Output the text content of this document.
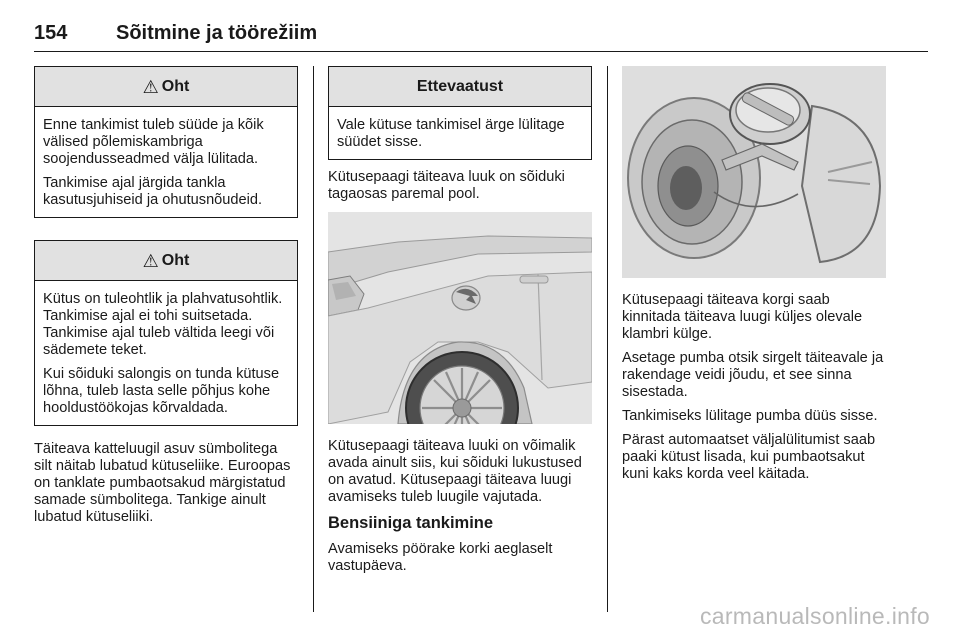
154 Sõitmine ja töörežiim
⚠ Oht

Enne tankimist tuleb süüde ja kõik välised põlemiskambriga soojendusseadmed välja lülitada.

Tankimise ajal järgida tankla kasutusjuhiseid ja ohutusnõudeid.

⚠ Oht

Kütus on tuleohtlik ja plahvatusohtlik. Tankimise ajal ei tohi suitsetada. Tankimise ajal tuleb vältida leegi või sädemete teket.

Kui sõiduki salongis on tunda kütuse lõhna, tuleb lasta selle põhjus kohe hooldustöökojas kõrvaldada.

Täiteava katteluugil asuv sümbolitega silt näitab lubatud kütuseliike. Euroopas on tanklate pumbaotsakud märgistatud samade sümbolitega. Tankige ainult lubatud kütuseliiki.

Ettevaatust

Vale kütuse tankimisel ärge lülitage süüdet sisse.

Kütusepaagi täiteava luuk on sõiduki tagaosas paremal pool.

Kütusepaagi täiteava luuki on võimalik avada ainult siis, kui sõiduki lukustused on avatud. Kütusepaagi täiteava luugi avamiseks tuleb luugile vajutada.

Bensiiniga tankimine

Avamiseks pöörake korki aeglaselt vastupäeva.

Kütusepaagi täiteava korgi saab kinnitada täiteava luugi küljes olevale klambri külge.

Asetage pumba otsik sirgelt täiteavale ja rakendage veidi jõudu, et see sinna sisestada.

Tankimiseks lülitage pumba düüs sisse.

Pärast automaatset väljalülitumist saab paaki kütust lisada, kui pumbaotsakut kuni kaks korda veel käitada.

carmanualsonline.info
